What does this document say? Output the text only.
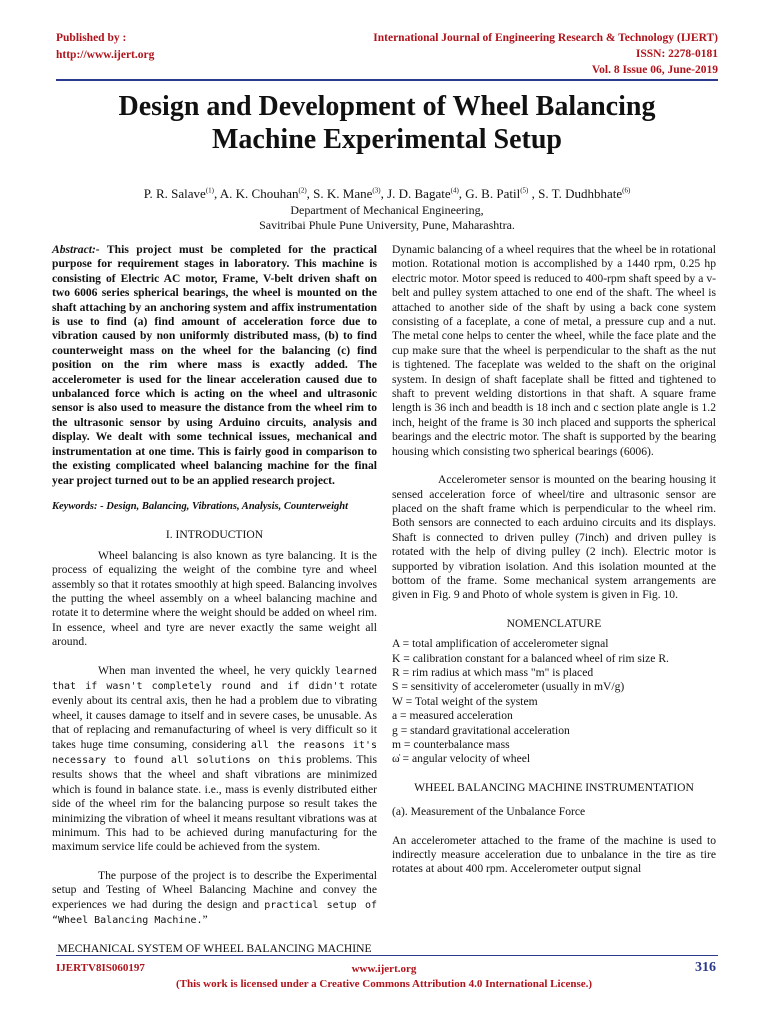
Published by :
http://www.ijert.org
International Journal of Engineering Research & Technology (IJERT)
ISSN: 2278-0181
Vol. 8 Issue 06, June-2019
Design and Development of Wheel Balancing
Machine Experimental Setup
P. R. Salave$^{(1)}$, A. K. Chouhan$^{(2)}$, S. K. Mane$^{(3)}$, J. D. Bagate$^{(4)}$, G. B. Patil$^{(5)}$ , S. T. Dudhbhate$^{(6)}$
Department of Mechanical Engineering,
Savitribai Phule Pune University, Pune, Maharashtra.

Abstract:- This project must be completed for the practical purpose for requirement stages in laboratory. This machine is consisting of Electric AC motor, Frame, V-belt driven shaft on two 6006 series spherical bearings, the wheel is mounted on the shaft attaching by an anchoring system and affix instrumentation is use to find (a) find amount of acceleration force due to vibration caused by non uniformly distributed mass, (b) to find counterweight mass on the wheel for the balancing (c) find position on the rim where mass is exactly added. The accelerometer is used for the linear acceleration caused due to unbalanced force which is acting on the wheel and ultrasonic sensor is also used to measure the distance from the wheel rim to the ultrasonic sensor by using Arduino circuits, analysis and display. We dealt with some technical issues, mechanical and instrumentation at one time. This is fairly good in comparison to the existing complicated wheel balancing machine for the final year project turned out to be an applied research project.

Keywords: - Design, Balancing, Vibrations, Analysis, Counterweight

I. INTRODUCTION

Wheel balancing is also known as tyre balancing. It is the process of equalizing the weight of the combine tyre and wheel assembly so that it rotates smoothly at high speed. Balancing involves the putting the wheel assembly on a wheel balancing machine and rotate it to determine where the weight should be added on wheel rim. In essence, wheel and tyre are never exactly the same weight all around.

When man invented the wheel, he very quickly learned that if wasn't completely round and if didn't rotate evenly about its central axis, then he had a problem due to vibrating wheel, it causes damage to itself and in severe cases, be unusable. As that of replacing and remanufacturing of wheel is very difficult so it takes huge time consuming, considering all the reasons it's necessary to found all solutions on this problems. This results shows that the wheel and shaft vibrations are minimized which is found in balance state. i.e., mass is evenly distributed either side of the wheel rim for the balancing purpose so result takes the minimizing the vibration of wheel it means resultant vibrations was at minimum. This had to be achieved during manufacturing for the maximum service life could be achieved from the system.

The purpose of the project is to describe the Experimental setup and Testing of Wheel Balancing Machine and convey the experiences we had during the design and practical setup of “Wheel Balancing Machine.”

MECHANICAL SYSTEM OF WHEEL BALANCING MACHINE

Dynamic balancing of a wheel requires that the wheel be in rotational motion. Rotational motion is accomplished by a 1440 rpm, 0.25 hp electric motor. Motor speed is reduced to 400-rpm shaft speed by a v-belt and pulley system attached to one end of the shaft. The wheel is attached to another side of the shaft by using a back cone system consisting of a faceplate, a cone of metal, a pressure cup and a nut. The metal cone helps to center the wheel, while the face plate and the cup make sure that the wheel is perpendicular to the shaft as the nut is tightened. The faceplate was welded to the shaft on the original system. In design of shaft faceplate shall be fitted and tightened to shaft to prevent welding distortions in that shaft. A square frame length is 36 inch and beadth is 18 inch and c section plate angle is 1.2 inch, height of the frame is 30 inch placed and supports the spherical bearings and the electric motor. The shaft is supported by the bearing housing which consisting two spherical bearings (6006).

Accelerometer sensor is mounted on the bearing housing it sensed acceleration force of wheel/tire and ultrasonic sensor are placed on the shaft frame which is perpendicular to the wheel rim. Both sensors are connected to each arduino circuits and its displays. Shaft is connected to driven pulley (7inch) and driven pulley is rotated with the help of diving pulley (2 inch). Electric motor is supported by vibration isolation. And this isolation mounted at the bottom of the frame. Some mechanical system arrangements are given in Fig. 9 and Photo of whole system is given in Fig. 10.

NOMENCLATURE

A = total amplification of accelerometer signal
K = calibration constant for a balanced wheel of rim size R.
R = rim radius at which mass "m" is placed
S = sensitivity of accelerometer (usually in mV/g)
W = Total weight of the system
a = measured acceleration
g = standard gravitational acceleration
m = counterbalance mass
ω̇ = angular velocity of wheel

WHEEL BALANCING MACHINE INSTRUMENTATION

(a). Measurement of the Unbalance Force

An accelerometer attached to the frame of the machine is used to indirectly measure acceleration due to unbalance in the tire as tire rotates at about 400 rpm. Accelerometer output signal

IJERTV8IS060197	www.ijert.org
(This work is licensed under a Creative Commons Attribution 4.0 International License.)
316
